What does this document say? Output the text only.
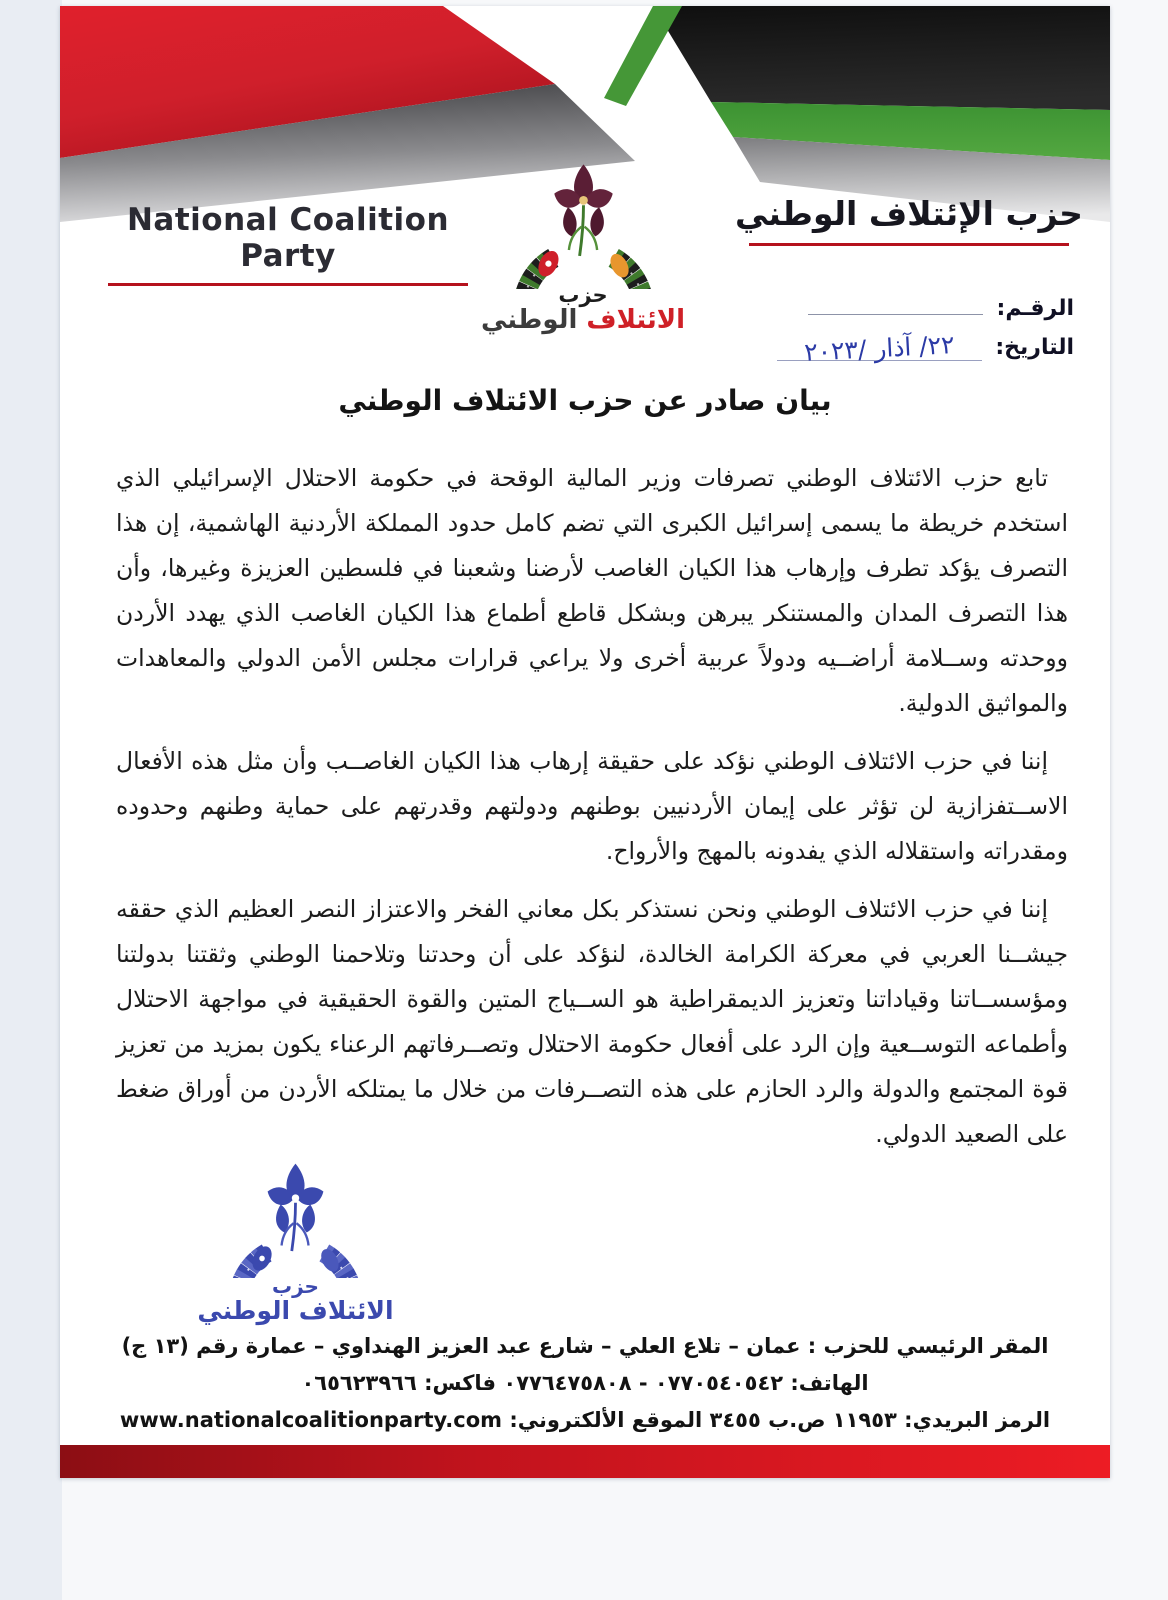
National Coalition Party
حزب الإئتلاف الوطني
حزب
الائتلاف الوطني	الرقـم:
التاريخ: ٢٢/ آذار /٢٠٢٣
بيان صادر عن حزب الائتلاف الوطني

تابع حزب الائتلاف الوطني تصرفات وزير المالية الوقحة في حكومة الاحتلال الإسرائيلي الذي استخدم خريطة ما يسمى إسرائيل الكبرى التي تضم كامل حدود المملكة الأردنية الهاشمية، إن هذا التصرف يؤكد تطرف وإرهاب هذا الكيان الغاصب لأرضنا وشعبنا في فلسطين العزيزة وغيرها، وأن هذا التصرف المدان والمستنكر يبرهن وبشكل قاطع أطماع هذا الكيان الغاصب الذي يهدد الأردن ووحدته وســلامة أراضــيه ودولاً عربية أخرى ولا يراعي قرارات مجلس الأمن الدولي والمعاهدات والمواثيق الدولية.

إننا في حزب الائتلاف الوطني نؤكد على حقيقة إرهاب هذا الكيان الغاصــب وأن مثل هذه الأفعال الاســتفزازية لن تؤثر على إيمان الأردنيين بوطنهم ودولتهم وقدرتهم على حماية وطنهم وحدوده ومقدراته واستقلاله الذي يفدونه بالمهج والأرواح.

إننا في حزب الائتلاف الوطني ونحن نستذكر بكل معاني الفخر والاعتزاز النصر العظيم الذي حققه جيشــنا العربي في معركة الكرامة الخالدة، لنؤكد على أن وحدتنا وتلاحمنا الوطني وثقتنا بدولتنا ومؤسســاتنا وقياداتنا وتعزيز الديمقراطية هو الســياج المتين والقوة الحقيقية في مواجهة الاحتلال وأطماعه التوســعية وإن الرد على أفعال حكومة الاحتلال وتصــرفاتهم الرعناء يكون بمزيد من تعزيز قوة المجتمع والدولة والرد الحازم على هذه التصــرفات من خلال ما يمتلكه الأردن من أوراق ضغط على الصعيد الدولي.

حزب
الائتلاف الوطني
المقر الرئيسي للحزب : عمان – تلاع العلي – شارع عبد العزيز الهنداوي – عمارة رقم (١٣ ج)
الهاتف: ٠٧٧٠٥٤٠٥٤٢ - ٠٧٧٦٤٧٥٨٠٨ فاكس: ٠٦٥٦٢٣٩٦٦
الرمز البريدي: ١١٩٥٣ ص.ب ٣٤٥٥ الموقع الألكتروني: www.nationalcoalitionparty.com
